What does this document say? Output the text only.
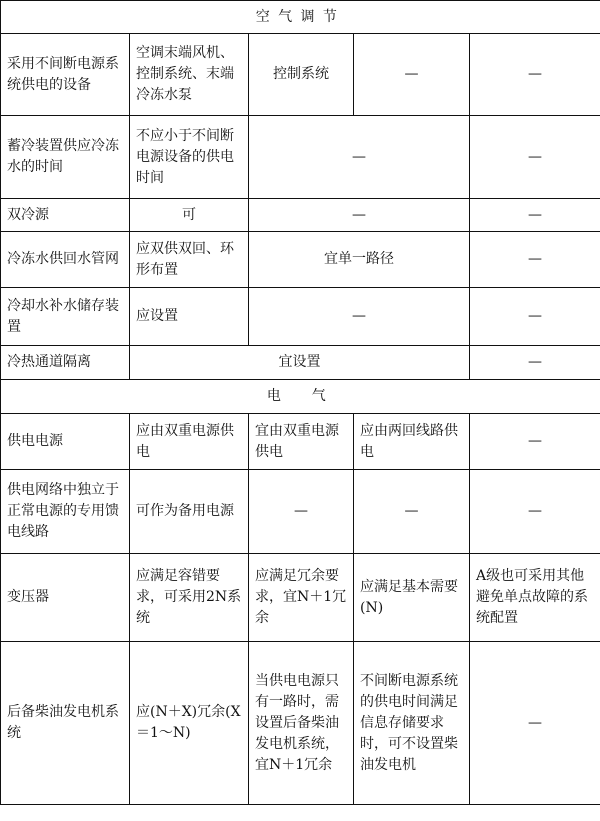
空气调节				
采用不间断电源系统供电的设备	空调末端风机、控制系统、末端冷冻水泵	控制系统	—	—
蓄冷装置供应冷冻水的时间	不应小于不间断电源设备的供电时间	—		—
双冷源	可	—		—
冷冻水供回水管网	应双供双回、环形布置	宜单一路径		—
冷却水补水储存装置	应设置	—		—
冷热通道隔离	宜设置			—
电　气				
供电电源	应由双重电源供电	宜由双重电源供电	应由两回线路供电	—
供电网络中独立于正常电源的专用馈电线路	可作为备用电源	—	—	—
变压器	应满足容错要求，可采用2N系统	应满足冗余要求，宜N＋1冗余	应满足基本需要(N)	A级也可采用其他避免单点故障的系统配置
后备柴油发电机系统	应(N＋X)冗余(X＝1～N)	当供电电源只有一路时，需设置后备柴油发电机系统，宜N＋1冗余	不间断电源系统的供电时间满足信息存储要求时，可不设置柴油发电机	—
